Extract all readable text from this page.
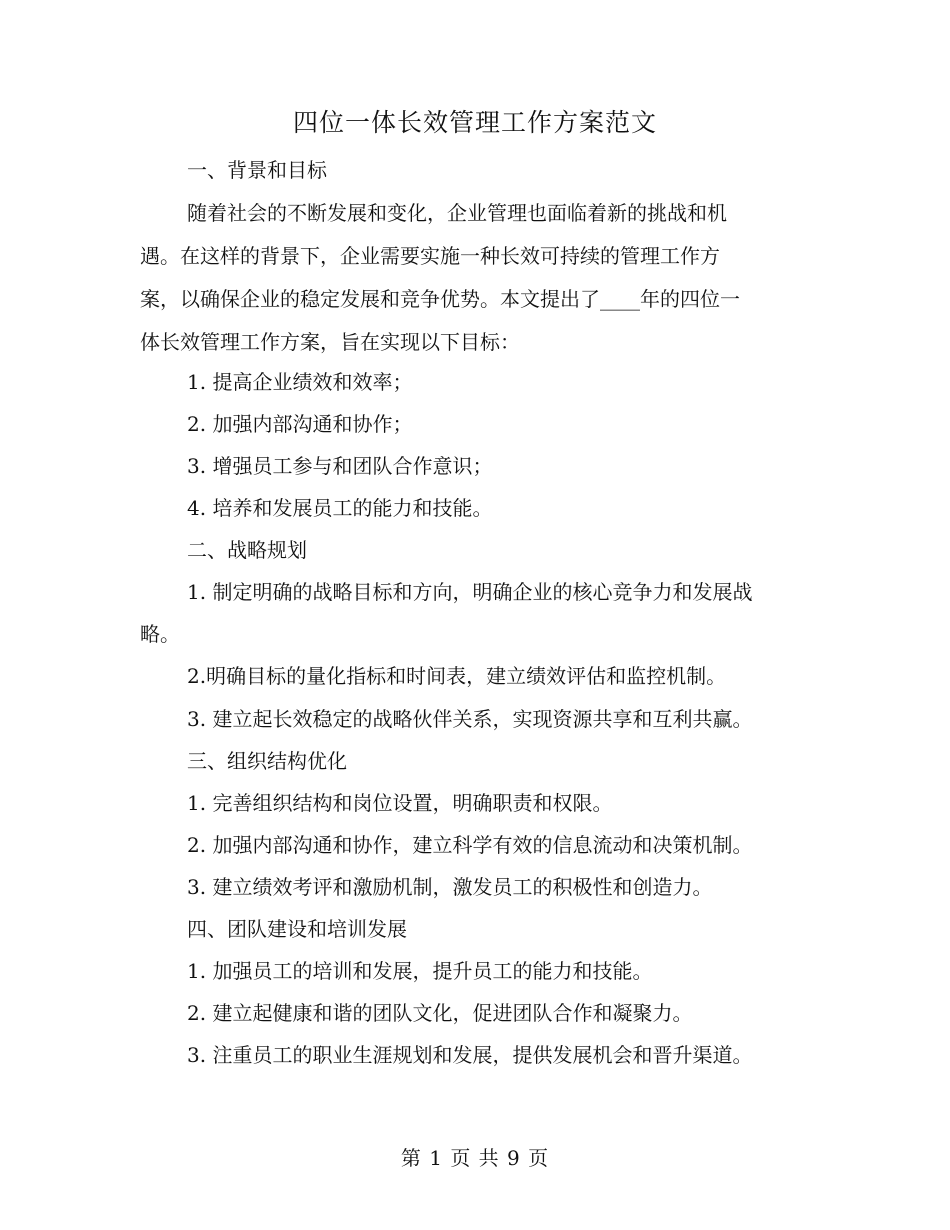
四位一体长效管理工作方案范文
一、背景和目标
随着社会的不断发展和变化，企业管理也面临着新的挑战和机
遇。在这样的背景下，企业需要实施一种长效可持续的管理工作方
案，以确保企业的稳定发展和竞争优势。本文提出了____年的四位一
体长效管理工作方案，旨在实现以下目标：
1. 提高企业绩效和效率；
2. 加强内部沟通和协作；
3. 增强员工参与和团队合作意识；
4. 培养和发展员工的能力和技能。
二、战略规划
1. 制定明确的战略目标和方向，明确企业的核心竞争力和发展战
略。
2.明确目标的量化指标和时间表，建立绩效评估和监控机制。
3. 建立起长效稳定的战略伙伴关系，实现资源共享和互利共赢。
三、组织结构优化
1. 完善组织结构和岗位设置，明确职责和权限。
2. 加强内部沟通和协作，建立科学有效的信息流动和决策机制。
3. 建立绩效考评和激励机制，激发员工的积极性和创造力。
四、团队建设和培训发展
1. 加强员工的培训和发展，提升员工的能力和技能。
2. 建立起健康和谐的团队文化，促进团队合作和凝聚力。
3. 注重员工的职业生涯规划和发展，提供发展机会和晋升渠道。
第 1 页 共 9 页
